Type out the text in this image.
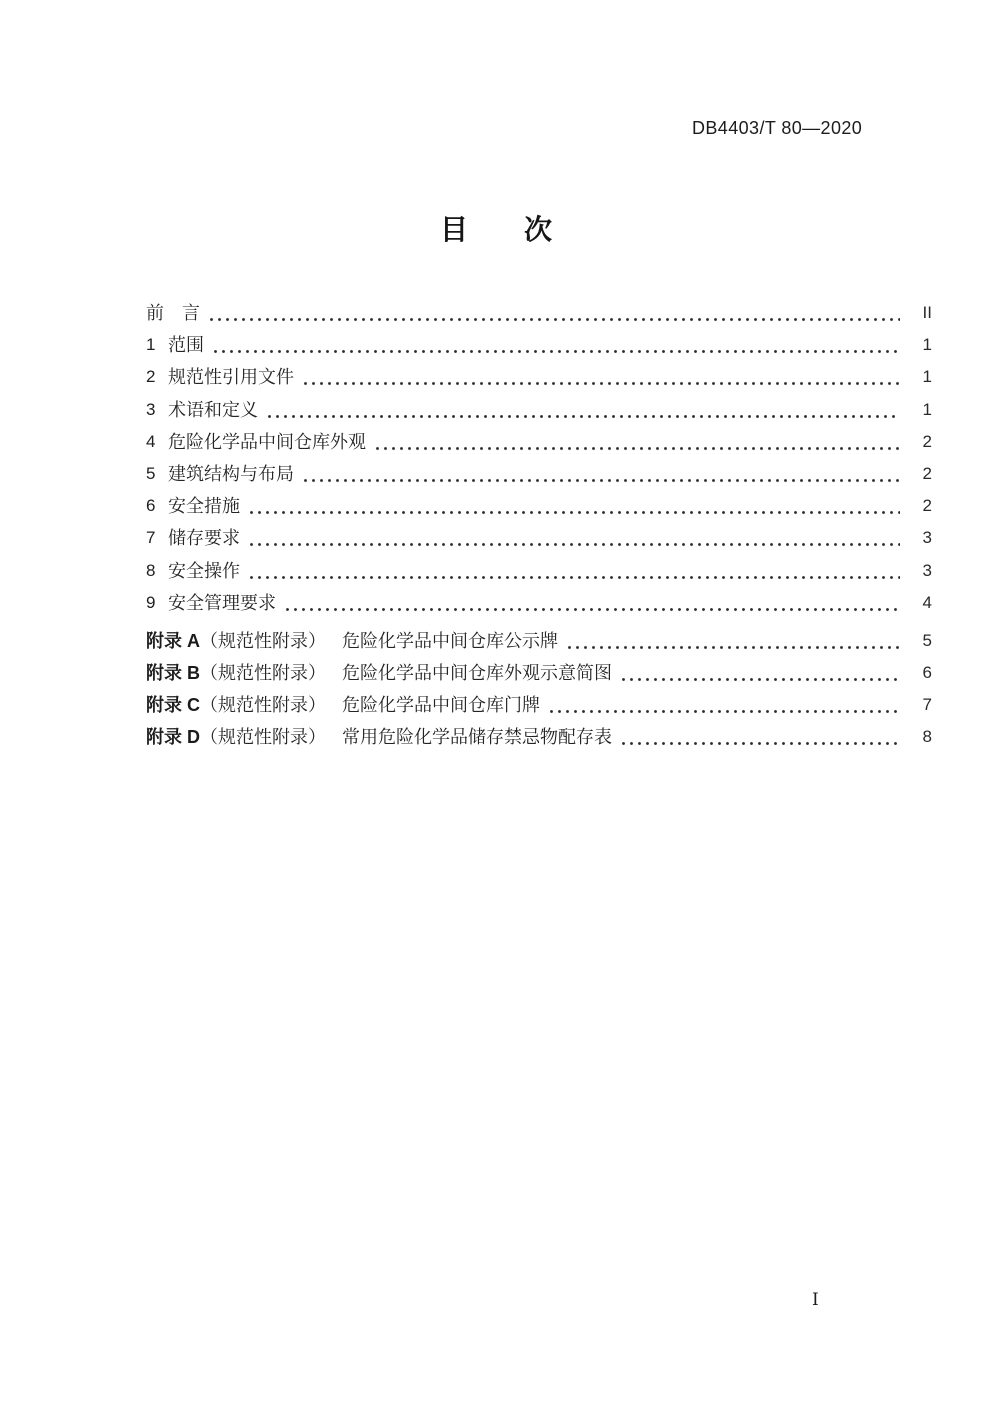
DB4403/T 80—2020
目 次
前　言	II
1 范围	1
2 规范性引用文件	1
3 术语和定义	1
4 危险化学品中间仓库外观	2
5 建筑结构与布局	2
6 安全措施	2
7 储存要求	3
8 安全操作	3
9 安全管理要求	4
附录 A （规范性附录） 危险化学品中间仓库公示牌	5
附录 B （规范性附录） 危险化学品中间仓库外观示意简图	6
附录 C （规范性附录） 危险化学品中间仓库门牌	7
附录 D （规范性附录） 常用危险化学品储存禁忌物配存表	8
I
